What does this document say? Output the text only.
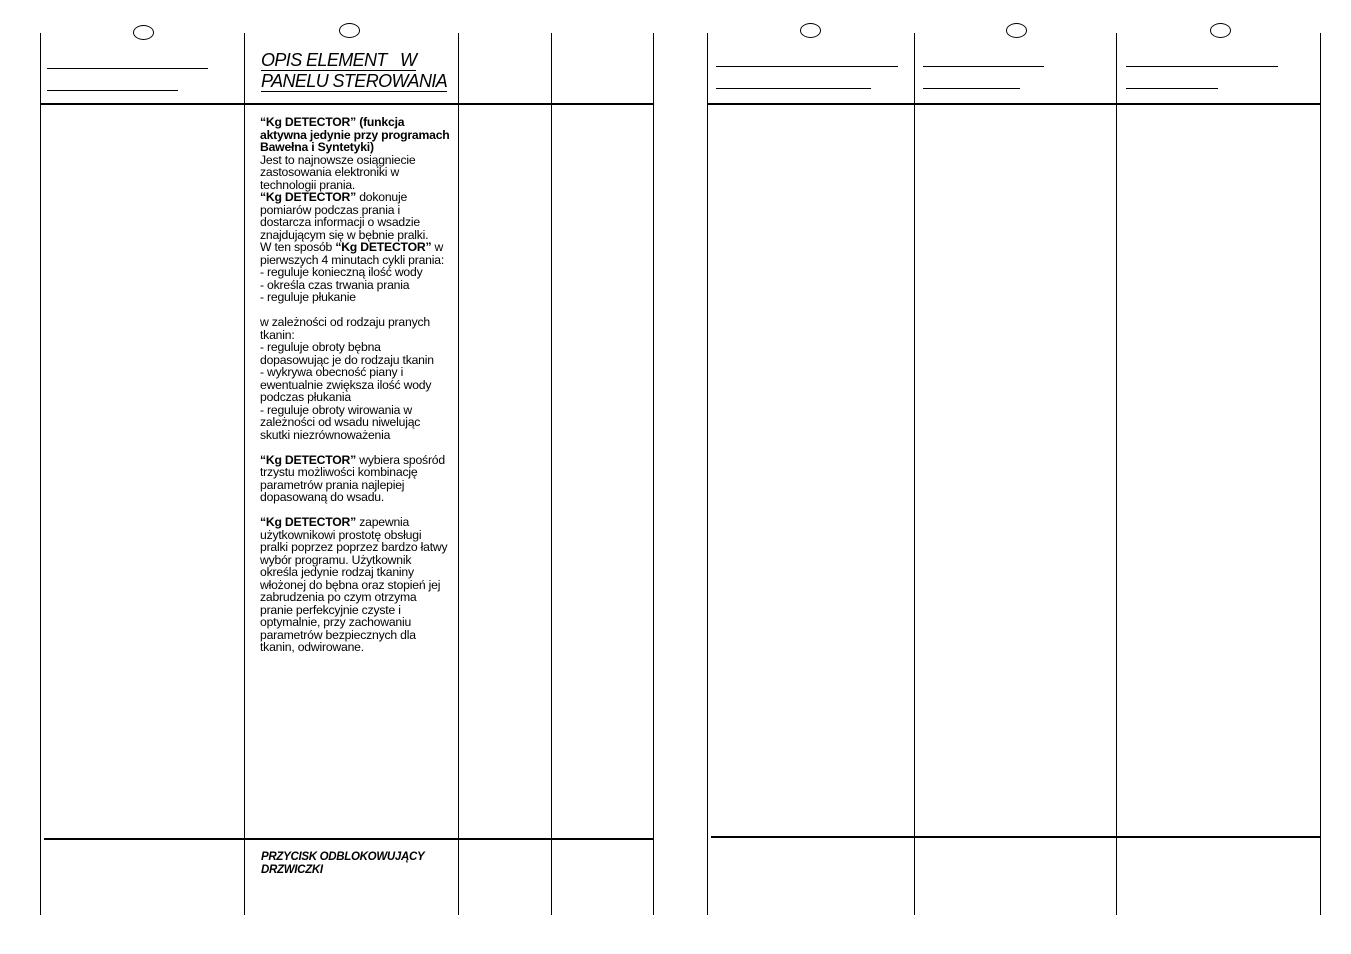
OPIS ELEMENT   W
PANELU STEROWANIA

“Kg DETECTOR” (funkcja aktywna jedynie przy programach Bawełna i Syntetyki)

Jest to najnowsze osiągniecie zastosowania elektroniki w technologii prania.

“Kg DETECTOR” dokonuje pomiarów podczas prania i dostarcza informacji o wsadzie znajdującym się w bębnie pralki.

W ten sposób “Kg DETECTOR” w pierwszych 4 minutach cykli prania:

- reguluje konieczną ilość wody

- określa czas trwania prania

- reguluje płukanie

w zależności od rodzaju pranych tkanin:

- reguluje obroty bębna dopasowując je do rodzaju tkanin

- wykrywa obecność piany i ewentualnie zwiększa ilość wody podczas płukania

- reguluje obroty wirowania w zależności od wsadu niwelując skutki niezrównoważenia

“Kg DETECTOR” wybiera spośród trzystu możliwości kombinację parametrów prania najlepiej dopasowaną do wsadu.

“Kg DETECTOR” zapewnia użytkownikowi prostotę obsługi pralki poprzez poprzez bardzo łatwy wybór programu. Użytkownik określa jedynie rodzaj tkaniny włożonej do bębna oraz stopień jej zabrudzenia po czym otrzyma pranie perfekcyjnie czyste i optymalnie, przy zachowaniu parametrów bezpiecznych dla tkanin, odwirowane.

PRZYCISK ODBLOKOWUJĄCY
DRZWICZKI
